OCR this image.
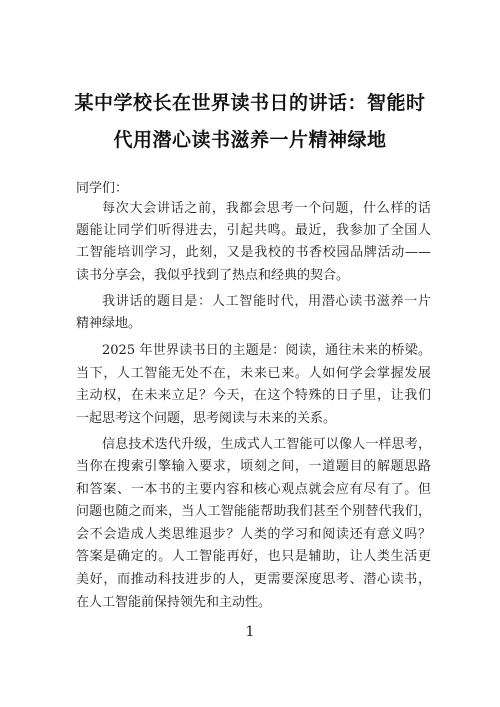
某中学校长在世界读书日的讲话：智能时
代用潜心读书滋养一片精神绿地
同学们：
每次大会讲话之前，我都会思考一个问题，什么样的话
题能让同学们听得进去，引起共鸣。最近，我参加了全国人
工智能培训学习，此刻，又是我校的书香校园品牌活动——
读书分享会，我似乎找到了热点和经典的契合。
我讲话的题目是：人工智能时代，用潜心读书滋养一片
精神绿地。
2025 年世界读书日的主题是：阅读，通往未来的桥梁。
当下，人工智能无处不在，未来已来。人如何学会掌握发展
主动权，在未来立足？今天，在这个特殊的日子里，让我们
一起思考这个问题，思考阅读与未来的关系。
信息技术迭代升级，生成式人工智能可以像人一样思考，
当你在搜索引擎输入要求，顷刻之间，一道题目的解题思路
和答案、一本书的主要内容和核心观点就会应有尽有了。但
问题也随之而来，当人工智能能帮助我们甚至个别替代我们，
会不会造成人类思维退步？人类的学习和阅读还有意义吗？
答案是确定的。人工智能再好，也只是辅助，让人类生活更
美好，而推动科技进步的人，更需要深度思考、潜心读书，
在人工智能前保持领先和主动性。
1
